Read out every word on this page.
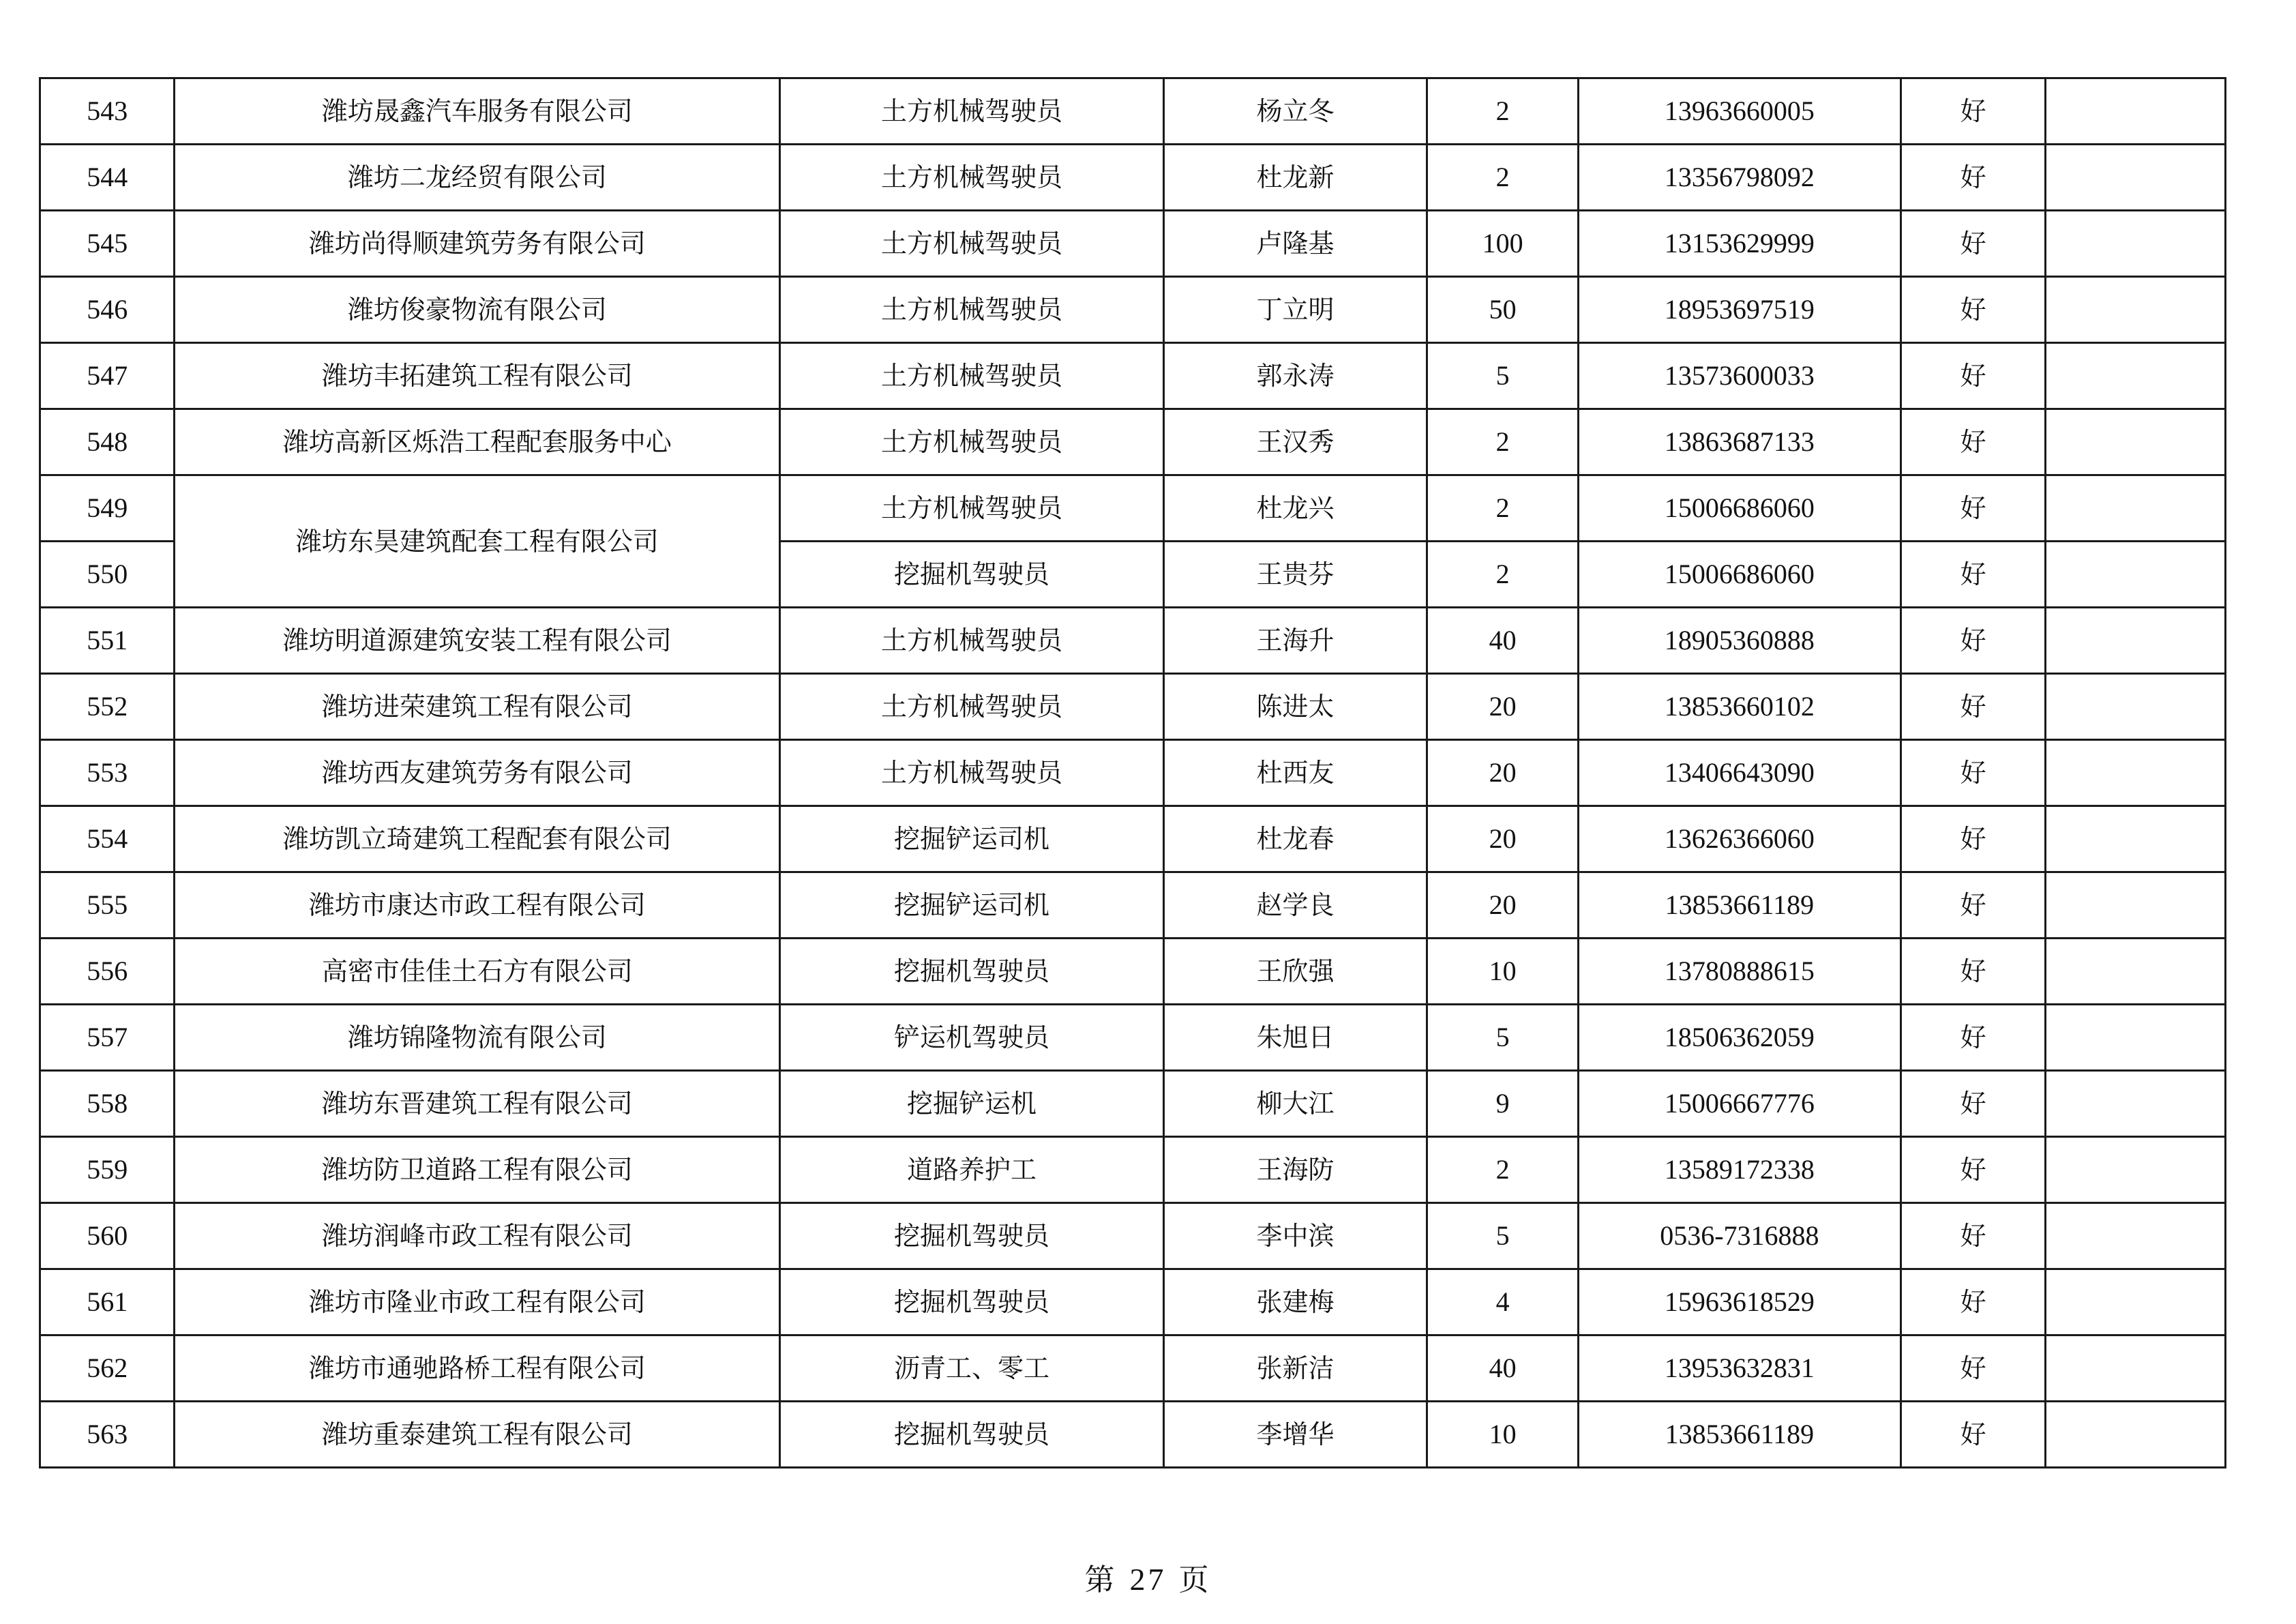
543	潍坊晟鑫汽车服务有限公司	土方机械驾驶员	杨立冬	2	13963660005	好	
544	潍坊二龙经贸有限公司	土方机械驾驶员	杜龙新	2	13356798092	好	
545	潍坊尚得顺建筑劳务有限公司	土方机械驾驶员	卢隆基	100	13153629999	好	
546	潍坊俊豪物流有限公司	土方机械驾驶员	丁立明	50	18953697519	好	
547	潍坊丰拓建筑工程有限公司	土方机械驾驶员	郭永涛	5	13573600033	好	
548	潍坊高新区烁浩工程配套服务中心	土方机械驾驶员	王汉秀	2	13863687133	好	
549	潍坊东昊建筑配套工程有限公司	土方机械驾驶员	杜龙兴	2	15006686060	好	
550		挖掘机驾驶员	王贵芬	2	15006686060	好	
551	潍坊明道源建筑安装工程有限公司	土方机械驾驶员	王海升	40	18905360888	好	
552	潍坊进荣建筑工程有限公司	土方机械驾驶员	陈进太	20	13853660102	好	
553	潍坊西友建筑劳务有限公司	土方机械驾驶员	杜西友	20	13406643090	好	
554	潍坊凯立琦建筑工程配套有限公司	挖掘铲运司机	杜龙春	20	13626366060	好	
555	潍坊市康达市政工程有限公司	挖掘铲运司机	赵学良	20	13853661189	好	
556	高密市佳佳土石方有限公司	挖掘机驾驶员	王欣强	10	13780888615	好	
557	潍坊锦隆物流有限公司	铲运机驾驶员	朱旭日	5	18506362059	好	
558	潍坊东晋建筑工程有限公司	挖掘铲运机	柳大江	9	15006667776	好	
559	潍坊防卫道路工程有限公司	道路养护工	王海防	2	13589172338	好	
560	潍坊润峰市政工程有限公司	挖掘机驾驶员	李中滨	5	0536-7316888	好	
561	潍坊市隆业市政工程有限公司	挖掘机驾驶员	张建梅	4	15963618529	好	
562	潍坊市通驰路桥工程有限公司	沥青工、零工	张新洁	40	13953632831	好	
563	潍坊重泰建筑工程有限公司	挖掘机驾驶员	李增华	10	13853661189	好	
第 27 页
